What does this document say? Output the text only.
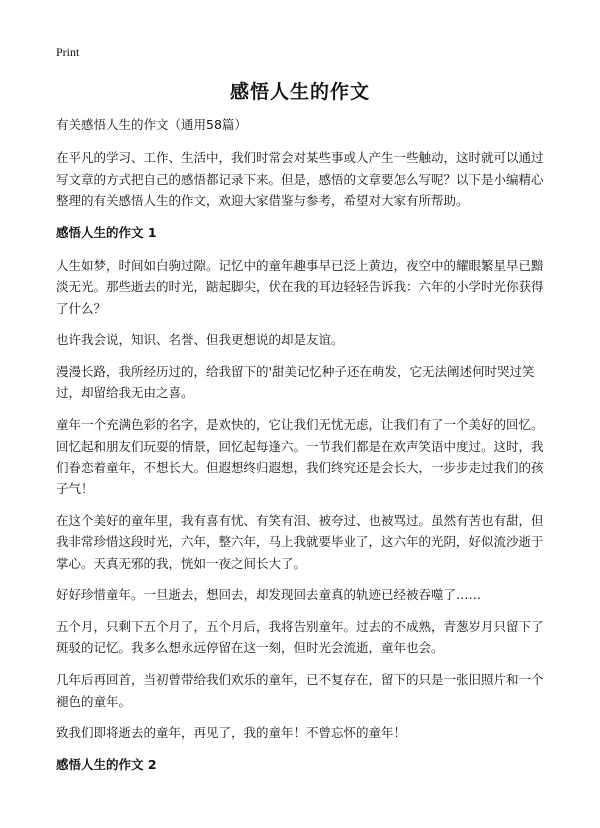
Print
感悟人生的作文

有关感悟人生的作文（通用58篇）

在平凡的学习、工作、生活中，我们时常会对某些事或人产生一些触动，这时就可以通过写文章的方式把自己的感悟都记录下来。但是，感悟的文章要怎么写呢？以下是小编精心整理的有关感悟人生的作文，欢迎大家借鉴与参考，希望对大家有所帮助。

感悟人生的作文 1

人生如梦，时间如白驹过隙。记忆中的童年趣事早已泛上黄边，夜空中的耀眼繁星早已黯淡无光。那些逝去的时光，踮起脚尖，伏在我的耳边轻轻告诉我：六年的小学时光你获得了什么？

也许我会说，知识、名誉、但我更想说的却是友谊。

漫漫长路，我所经历过的，给我留下的'甜美记忆种子还在萌发，它无法阐述何时哭过笑过，却留给我无由之喜。

童年一个充满色彩的名字，是欢快的，它让我们无忧无虑，让我们有了一个美好的回忆。回忆起和朋友们玩耍的情景，回忆起每逢六。一节我们都是在欢声笑语中度过。这时，我们眷恋着童年，不想长大。但遐想终归遐想，我们终究还是会长大，一步步走过我们的孩子气！

在这个美好的童年里，我有喜有忧、有笑有泪、被夸过、也被骂过。虽然有苦也有甜，但我非常珍惜这段时光，六年，整六年，马上我就要毕业了，这六年的光阴，好似流沙逝于掌心。天真无邪的我，恍如一夜之间长大了。

好好珍惜童年。一旦逝去，想回去，却发现回去童真的轨迹已经被吞噬了……

五个月，只剩下五个月了，五个月后，我将告别童年。过去的不成熟，青葱岁月只留下了斑驳的记忆。我多么想永远停留在这一刻，但时光会流逝，童年也会。

几年后再回首，当初曾带给我们欢乐的童年，已不复存在，留下的只是一张旧照片和一个褪色的童年。

致我们即将逝去的童年，再见了，我的童年！不曾忘怀的童年！

感悟人生的作文 2
